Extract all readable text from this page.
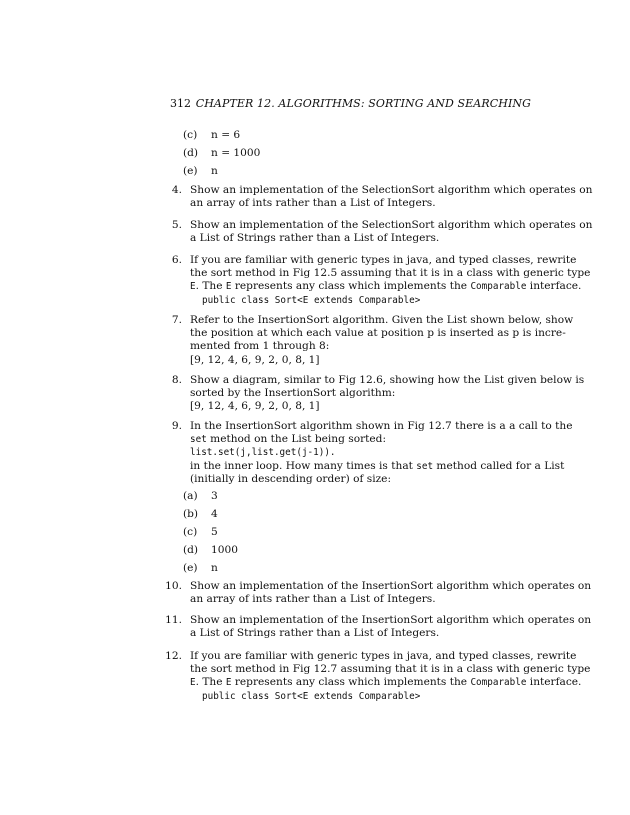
312 CHAPTER 12. ALGORITHMS: SORTING AND SEARCHING
(c)	n = 6
(d)	n = 1000
(e)	n
4. Show an implementation of the SelectionSort algorithm which operates on
an array of ints rather than a List of Integers.
5. Show an implementation of the SelectionSort algorithm which operates on
a List of Strings rather than a List of Integers.
6. If you are familiar with generic types in java, and typed classes, rewrite
the sort method in Fig 12.5 assuming that it is in a class with generic type
E. The E represents any class which implements the Comparable interface.
public class Sort<E extends Comparable>
7. Refer to the InsertionSort algorithm. Given the List shown below, show
the position at which each value at position p is inserted as p is incre-
mented from 1 through 8:
[9, 12, 4, 6, 9, 2, 0, 8, 1]
8. Show a diagram, similar to Fig 12.6, showing how the List given below is
sorted by the InsertionSort algorithm:
[9, 12, 4, 6, 9, 2, 0, 8, 1]
9. In the InsertionSort algorithm shown in Fig 12.7 there is a a call to the
set method on the List being sorted:
list.set(j,list.get(j-1)).
in the inner loop. How many times is that set method called for a List
(initially in descending order) of size:
(a)	3
(b)	4
(c)	5
(d)	1000
(e)	n
10. Show an implementation of the InsertionSort algorithm which operates on
an array of ints rather than a List of Integers.
11. Show an implementation of the InsertionSort algorithm which operates on
a List of Strings rather than a List of Integers.
12. If you are familiar with generic types in java, and typed classes, rewrite
the sort method in Fig 12.7 assuming that it is in a class with generic type
E. The E represents any class which implements the Comparable interface.
public class Sort<E extends Comparable>
